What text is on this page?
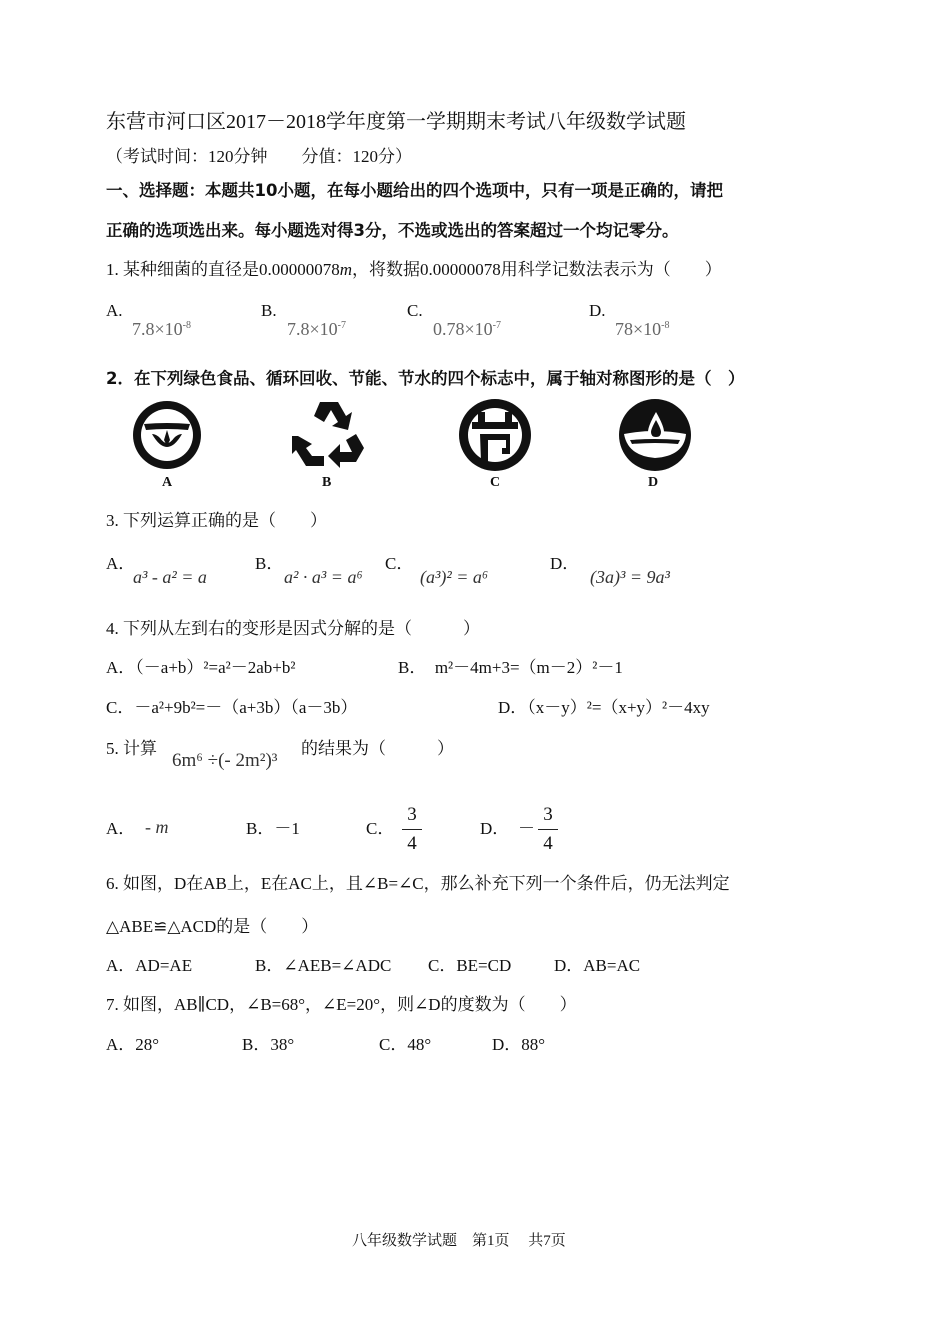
东营市河口区2017－2018学年度第一学期期末考试八年级数学试题
（考试时间：120分钟　　分值：120分）
一、选择题：本题共10小题，在每小题给出的四个选项中，只有一项是正确的，请把
正确的选项选出来。每小题选对得3分，不选或选出的答案超过一个均记零分。
1. 某种细菌的直径是0.00000078m，将数据0.00000078用科学记数法表示为（　　）
A.
$7.8\times 10^{-8}$
B.
$7.8\times 10^{-7}$
C.
$0.78\times 10^{-7}$
D.
$78\times 10^{-8}$
2．在下列绿色食品、循环回收、节能、节水的四个标志中，属于轴对称图形的是（　）
A	B	C	D
3. 下列运算正确的是（　　）
A．
a³ - a² = a
B．
a² · a³ = a⁶
C．
(a³)² = a⁶
D．
(3a)³ = 9a³
4. 下列从左到右的变形是因式分解的是（　　　）
A．（－a+b）²=a²－2ab+b²	B．　m²－4m+3=（m－2）²－1
C．－a²+9b²=－（a+3b）（a－3b）	D．（x－y）²=（x+y）²－4xy
5. 计算
6m⁶ ÷(- 2m²)³
的结果为（　　　）
A． - m	B．－1	C．
3
4
D． －
3
4
6. 如图，D在AB上，E在AC上，且∠B=∠C，那么补充下列一个条件后，仍无法判定
△ABE≌△ACD的是（　　）
A．AD=AE	B．∠AEB=∠ADC C．BE=CD	D．AB=AC
7. 如图，AB∥CD，∠B=68°，∠E=20°，则∠D的度数为（　　）
A．28°	B．38°	C．48°	D．88°
八年级数学试题　第1页　 共7页
